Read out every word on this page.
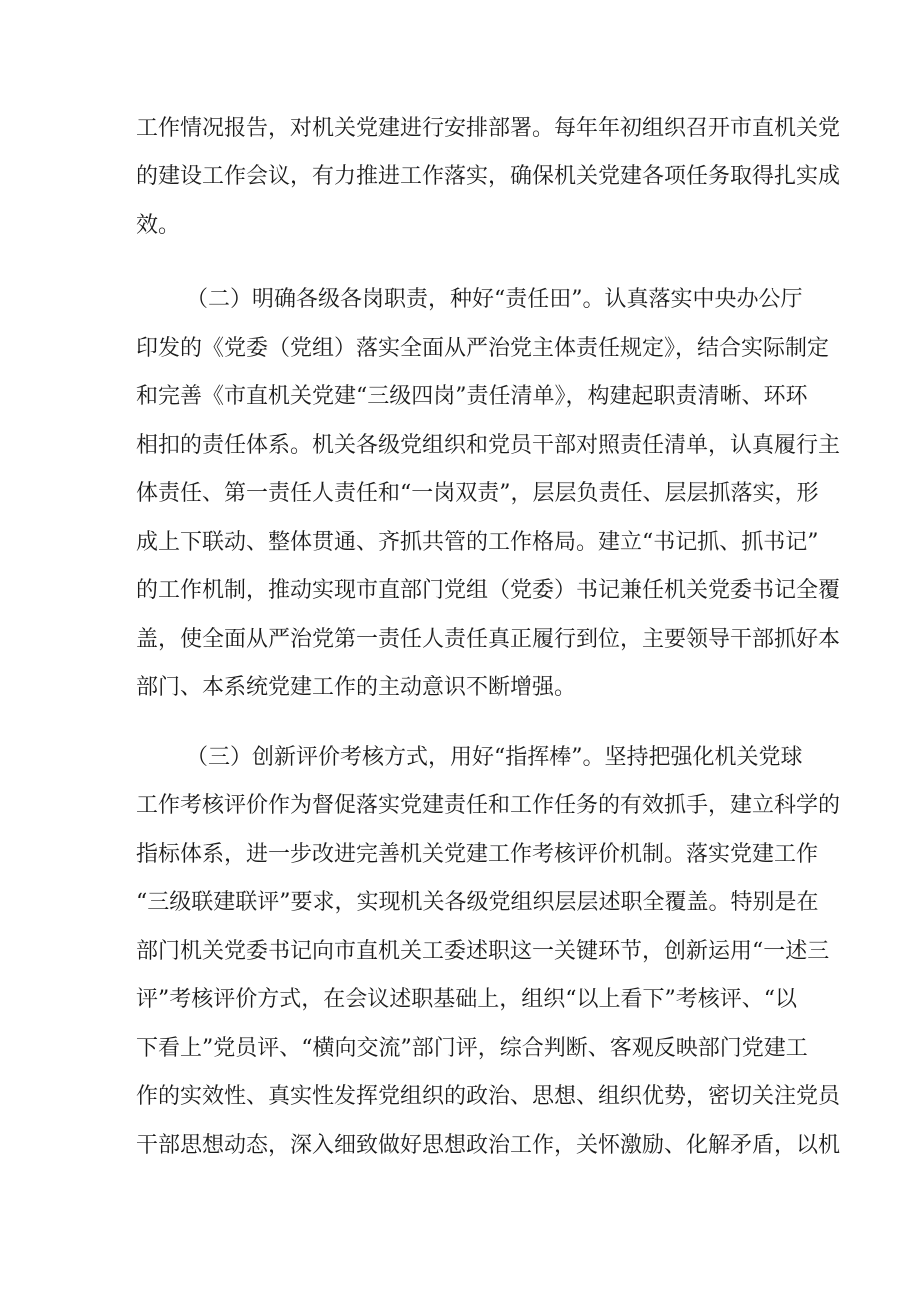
工作情况报告，对机关党建进行安排部署。每年年初组织召开市直机关党
的建设工作会议，有力推进工作落实，确保机关党建各项任务取得扎实成
效。
（二）明确各级各岗职责，种好“责任田”。认真落实中央办公厅
印发的《党委（党组）落实全面从严治党主体责任规定》，结合实际制定
和完善《市直机关党建“三级四岗”责任清单》，构建起职责清晰、环环
相扣的责任体系。机关各级党组织和党员干部对照责任清单，认真履行主
体责任、第一责任人责任和“一岗双责”，层层负责任、层层抓落实，形
成上下联动、整体贯通、齐抓共管的工作格局。建立“书记抓、抓书记”
的工作机制，推动实现市直部门党组（党委）书记兼任机关党委书记全覆
盖，使全面从严治党第一责任人责任真正履行到位，主要领导干部抓好本
部门、本系统党建工作的主动意识不断增强。
（三）创新评价考核方式，用好“指挥棒”。坚持把强化机关党球
工作考核评价作为督促落实党建责任和工作任务的有效抓手，建立科学的
指标体系，进一步改进完善机关党建工作考核评价机制。落实党建工作
“三级联建联评”要求，实现机关各级党组织层层述职全覆盖。特别是在
部门机关党委书记向市直机关工委述职这一关键环节，创新运用“一述三
评”考核评价方式，在会议述职基础上，组织“以上看下”考核评、“以
下看上”党员评、“横向交流”部门评，综合判断、客观反映部门党建工
作的实效性、真实性发挥党组织的政治、思想、组织优势，密切关注党员
干部思想动态，深入细致做好思想政治工作，关怀激励、化解矛盾，以机
